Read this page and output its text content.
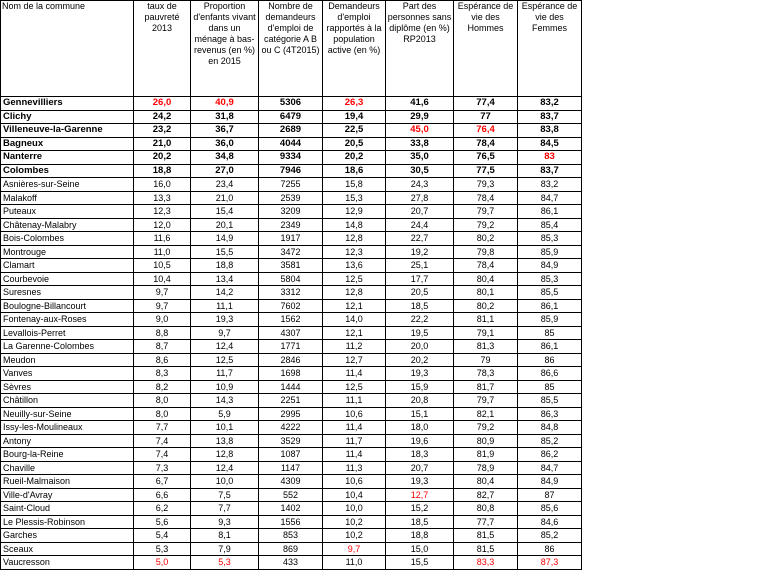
Nom de la commune	taux de pauvreté 2013	Proportion d'enfants vivant dans un ménage à bas-revenus (en %) en 2015	Nombre de demandeurs d'emploi de catégorie A B ou C (4T2015)	Demandeurs d'emploi rapportés à la population active (en %)	Part des personnes sans diplôme (en %) RP2013	Espérance de vie des Hommes	Espérance de vie des Femmes
Gennevilliers	26,0	40,9	5306	26,3	41,6	77,4	83,2
Clichy	24,2	31,8	6479	19,4	29,9	77	83,7
Villeneuve-la-Garenne	23,2	36,7	2689	22,5	45,0	76,4	83,8
Bagneux	21,0	36,0	4044	20,5	33,8	78,4	84,5
Nanterre	20,2	34,8	9334	20,2	35,0	76,5	83
Colombes	18,8	27,0	7946	18,6	30,5	77,5	83,7
Asnières-sur-Seine	16,0	23,4	7255	15,8	24,3	79,3	83,2
Malakoff	13,3	21,0	2539	15,3	27,8	78,4	84,7
Puteaux	12,3	15,4	3209	12,9	20,7	79,7	86,1
Châtenay-Malabry	12,0	20,1	2349	14,8	24,4	79,2	85,4
Bois-Colombes	11,6	14,9	1917	12,8	22,7	80,2	85,3
Montrouge	11,0	15,5	3472	12,3	19,2	79,8	85,9
Clamart	10,5	18,8	3581	13,6	25,1	78,4	84,9
Courbevoie	10,4	13,4	5804	12,5	17,7	80,4	85,3
Suresnes	9,7	14,2	3312	12,8	20,5	80,1	85,5
Boulogne-Billancourt	9,7	11,1	7602	12,1	18,5	80,2	86,1
Fontenay-aux-Roses	9,0	19,3	1562	14,0	22,2	81,1	85,9
Levallois-Perret	8,8	9,7	4307	12,1	19,5	79,1	85
La Garenne-Colombes	8,7	12,4	1771	11,2	20,0	81,3	86,1
Meudon	8,6	12,5	2846	12,7	20,2	79	86
Vanves	8,3	11,7	1698	11,4	19,3	78,3	86,6
Sèvres	8,2	10,9	1444	12,5	15,9	81,7	85
Châtillon	8,0	14,3	2251	11,1	20,8	79,7	85,5
Neuilly-sur-Seine	8,0	5,9	2995	10,6	15,1	82,1	86,3
Issy-les-Moulineaux	7,7	10,1	4222	11,4	18,0	79,2	84,8
Antony	7,4	13,8	3529	11,7	19,6	80,9	85,2
Bourg-la-Reine	7,4	12,8	1087	11,4	18,3	81,9	86,2
Chaville	7,3	12,4	1147	11,3	20,7	78,9	84,7
Rueil-Malmaison	6,7	10,0	4309	10,6	19,3	80,4	84,9
Ville-d'Avray	6,6	7,5	552	10,4	12,7	82,7	87
Saint-Cloud	6,2	7,7	1402	10,0	15,2	80,8	85,6
Le Plessis-Robinson	5,6	9,3	1556	10,2	18,5	77,7	84,6
Garches	5,4	8,1	853	10,2	18,8	81,5	85,2
Sceaux	5,3	7,9	869	9,7	15,0	81,5	86
Vaucresson	5,0	5,3	433	11,0	15,5	83,3	87,3
